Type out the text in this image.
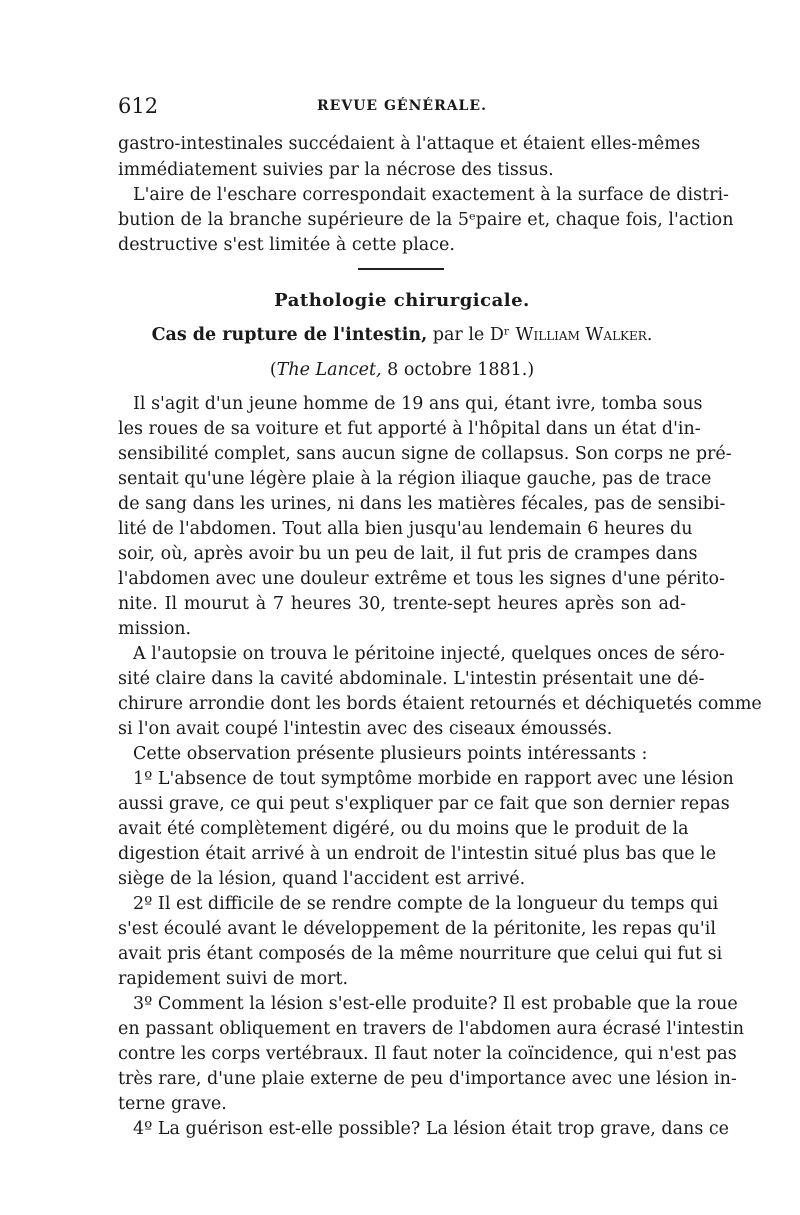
612	REVUE GÉNÉRALE.
gastro-intestinales succédaient à l'attaque et étaient elles-mêmes
immédiatement suivies par la nécrose des tissus.
L'aire de l'eschare correspondait exactement à la surface de distri-
bution de la branche supérieure de la 5ᵉpaire et, chaque fois, l'action
destructive s'est limitée à cette place.
Pathologie chirurgicale.
Cas de rupture de l'intestin, par le Dʳ William Walker.
(The Lancet, 8 octobre 1881.)
Il s'agit d'un jeune homme de 19 ans qui, étant ivre, tomba sous
les roues de sa voiture et fut apporté à l'hôpital dans un état d'in-
sensibilité complet, sans aucun signe de collapsus. Son corps ne pré-
sentait qu'une légère plaie à la région iliaque gauche, pas de trace
de sang dans les urines, ni dans les matières fécales, pas de sensibi-
lité de l'abdomen. Tout alla bien jusqu'au lendemain 6 heures du
soir, où, après avoir bu un peu de lait, il fut pris de crampes dans
l'abdomen avec une douleur extrême et tous les signes d'une périto-
nite. Il mourut à 7 heures 30, trente-sept heures après son ad-
mission.
A l'autopsie on trouva le péritoine injecté, quelques onces de séro-
sité claire dans la cavité abdominale. L'intestin présentait une dé-
chirure arrondie dont les bords étaient retournés et déchiquetés comme
si l'on avait coupé l'intestin avec des ciseaux émoussés.
Cette observation présente plusieurs points intéressants :
1º L'absence de tout symptôme morbide en rapport avec une lésion
aussi grave, ce qui peut s'expliquer par ce fait que son dernier repas
avait été complètement digéré, ou du moins que le produit de la
digestion était arrivé à un endroit de l'intestin situé plus bas que le
siège de la lésion, quand l'accident est arrivé.
2º Il est difficile de se rendre compte de la longueur du temps qui
s'est écoulé avant le développement de la péritonite, les repas qu'il
avait pris étant composés de la même nourriture que celui qui fut si
rapidement suivi de mort.
3º Comment la lésion s'est-elle produite? Il est probable que la roue
en passant obliquement en travers de l'abdomen aura écrasé l'intestin
contre les corps vertébraux. Il faut noter la coïncidence, qui n'est pas
très rare, d'une plaie externe de peu d'importance avec une lésion in-
terne grave.
4º La guérison est-elle possible? La lésion était trop grave, dans ce
